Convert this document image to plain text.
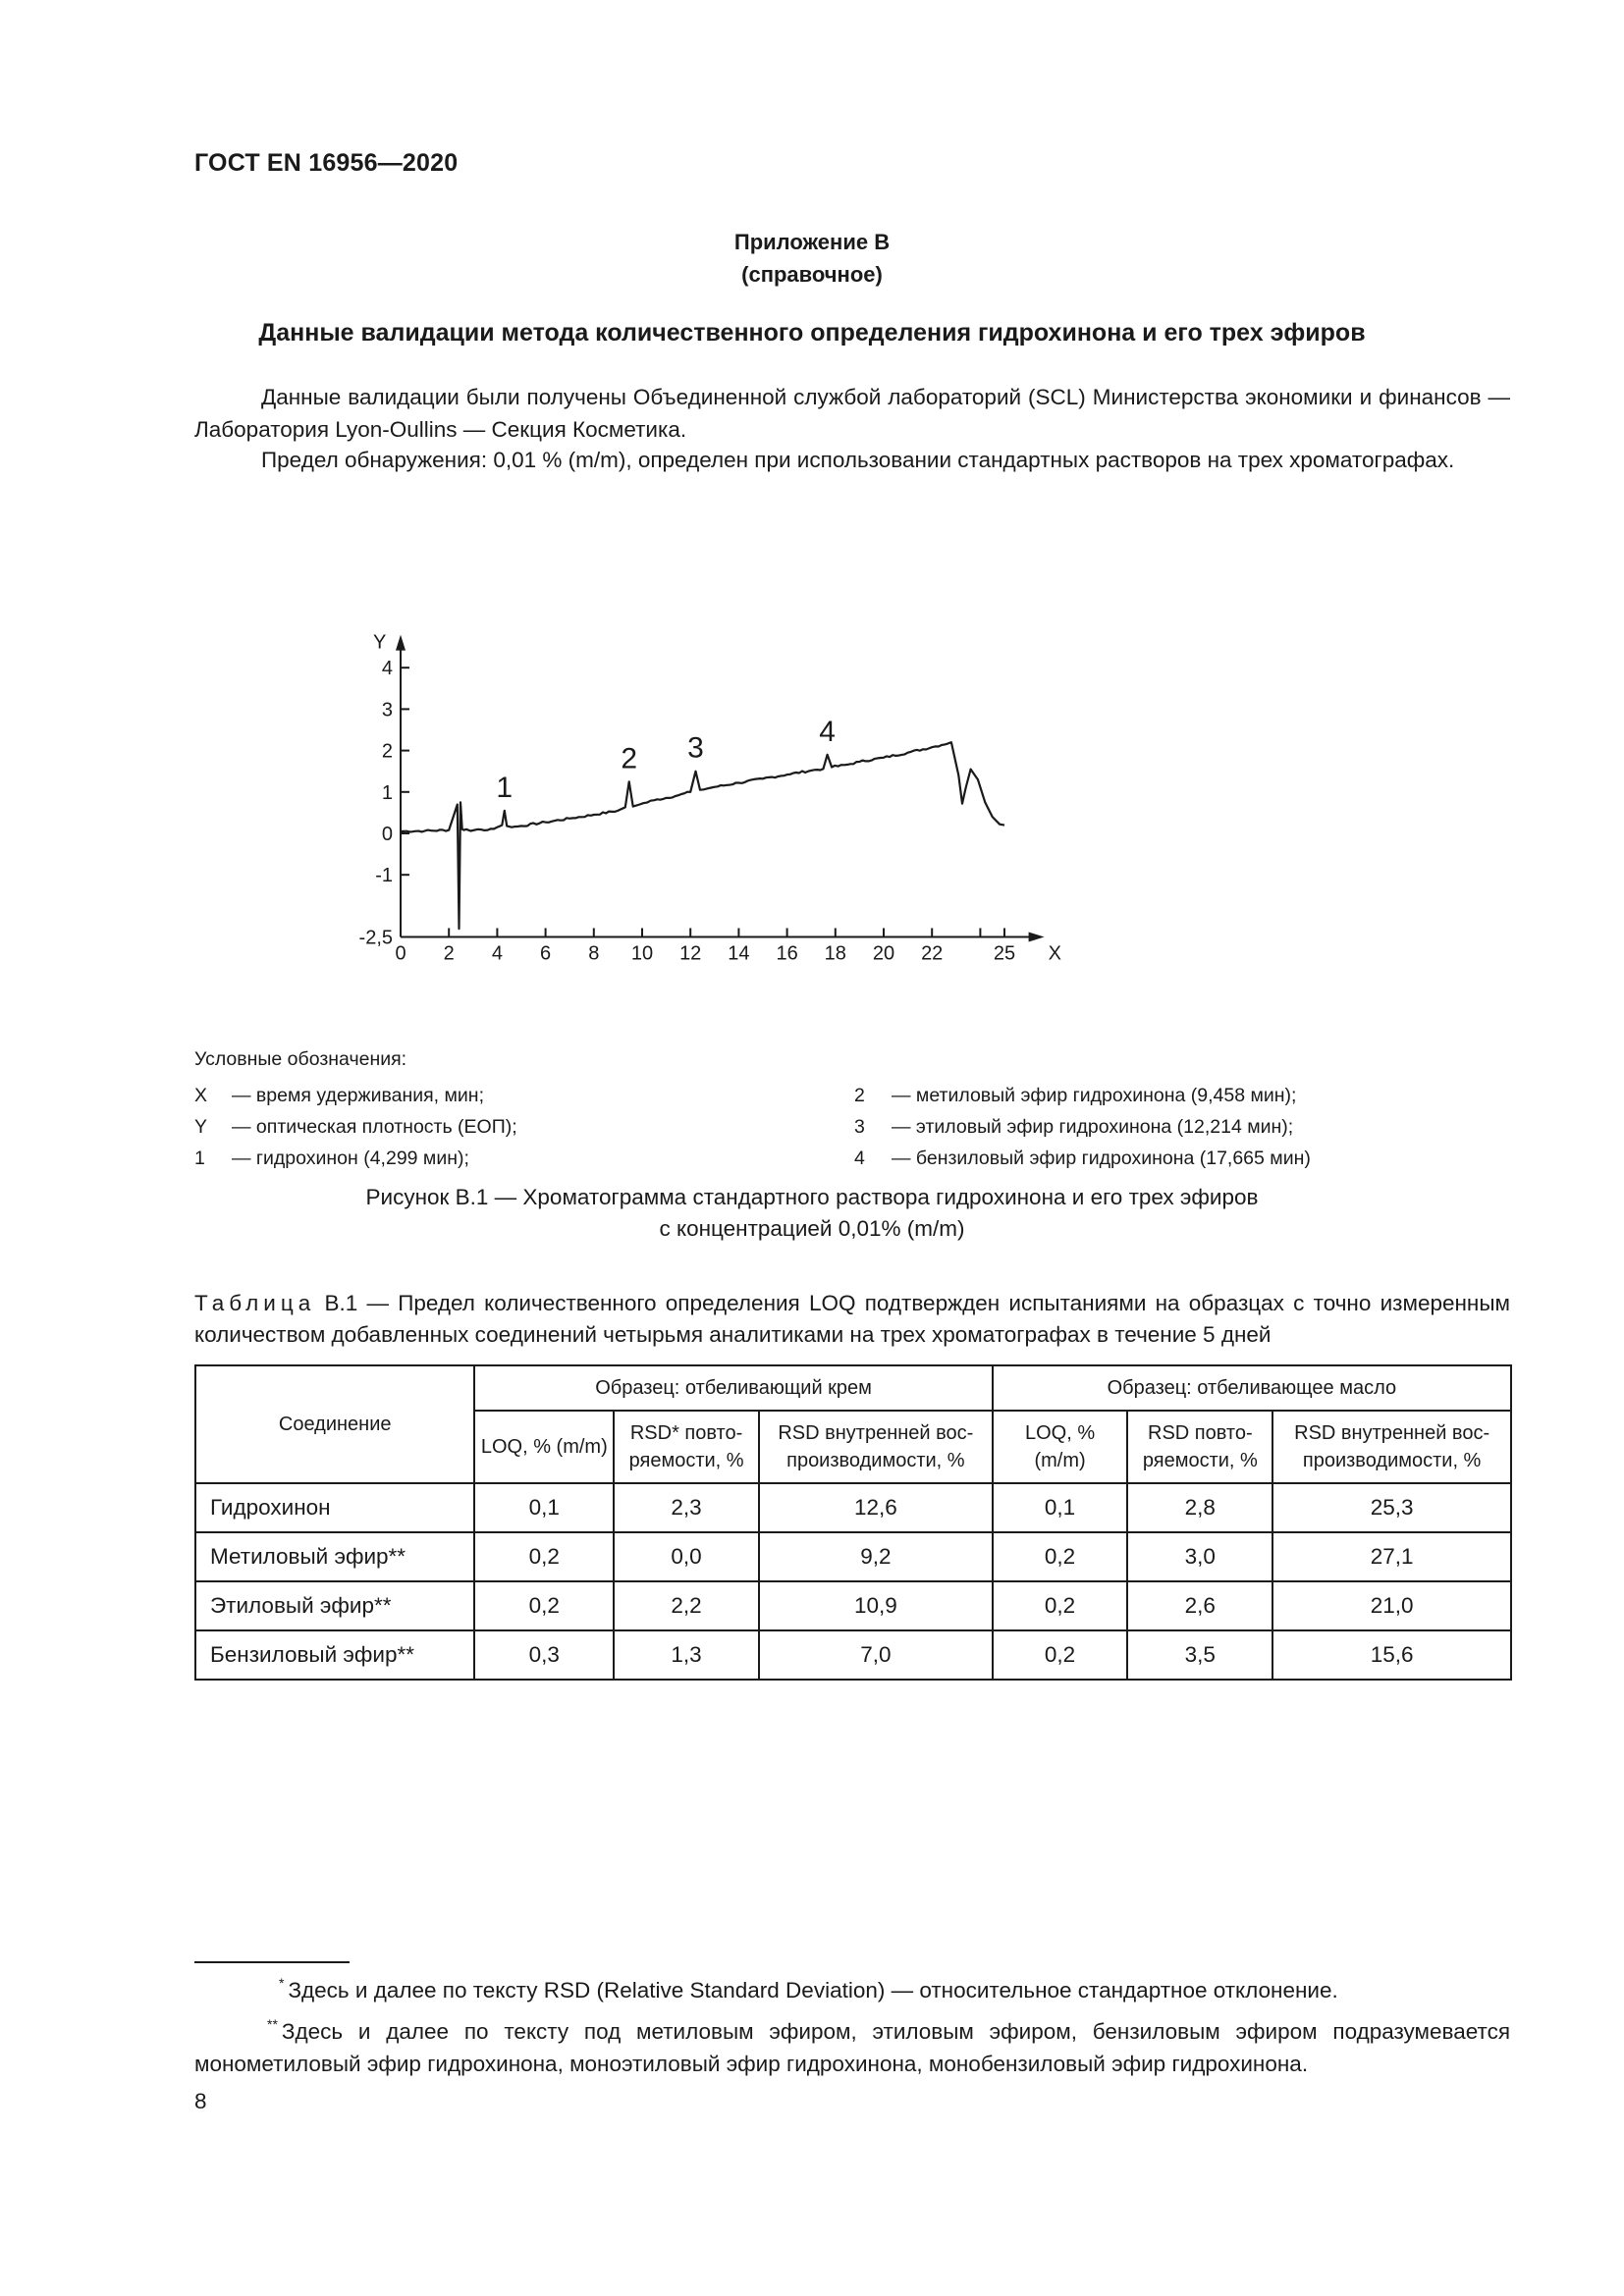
ГОСТ EN 16956—2020
Приложение В
(справочное)
Данные валидации метода количественного определения гидрохинона и его трех эфиров
Данные валидации были получены Объединенной службой лабораторий (SCL) Министерства экономики и финансов — Лаборатория Lyon-Oullins — Секция Косметика.
Предел обнаружения: 0,01 % (m/m), определен при использовании стандартных растворов на трех хроматографах.
Y
X
-2,5
-1
0
1
2
3
4
0 2 4 6 8 10 12 14 16 18 20 22	25
1
2 3
4
Условные обозначения:
X	— время удерживания, мин;
Y	— оптическая плотность (ЕОП);
1	— гидрохинон (4,299 мин);
2	— метиловый эфир гидрохинона (9,458 мин);
3	— этиловый эфир гидрохинона (12,214 мин);
4	— бензиловый эфир гидрохинона (17,665 мин)
Рисунок В.1 — Хроматограмма стандартного раствора гидрохинона и его трех эфиров
с концентрацией 0,01% (m/m)
Таблица В.1 — Предел количественного определения LOQ подтвержден испытаниями на образцах с точно измеренным количеством добавленных соединений четырьмя аналитиками на трех хроматографах в течение 5 дней
Соединение	Образец: отбеливающий крем			Образец: отбеливающее масло		
	LOQ, % (m/m)	RSD* повто-ряемости, %	RSD внутренней вос-производимости, %	LOQ, % (m/m)	RSD повто-ряемости, %	RSD внутренней вос-производимости, %
Гидрохинон	0,1	2,3	12,6	0,1	2,8	25,3
Метиловый эфир**	0,2	0,0	9,2	0,2	3,0	27,1
Этиловый эфир**	0,2	2,2	10,9	0,2	2,6	21,0
Бензиловый эфир**	0,3	1,3	7,0	0,2	3,5	15,6
* Здесь и далее по тексту RSD (Relative Standard Deviation) — относительное стандартное отклонение.
** Здесь и далее по тексту под метиловым эфиром, этиловым эфиром, бензиловым эфиром подразумевается монометиловый эфир гидрохинона, моноэтиловый эфир гидрохинона, монобензиловый эфир гидрохинона.
8
